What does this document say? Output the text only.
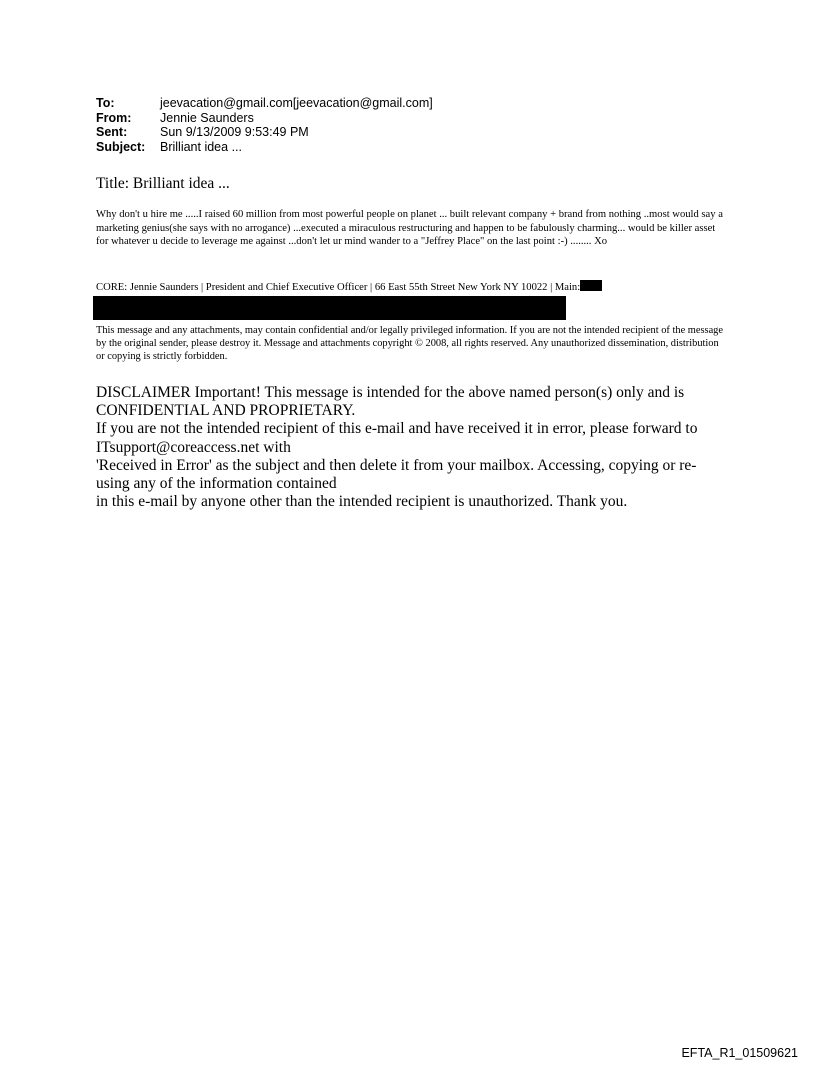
To:	jeevacation@gmail.com[jeevacation@gmail.com]
From:	Jennie Saunders
Sent:	Sun 9/13/2009 9:53:49 PM
Subject:	Brilliant idea ...
Title: Brilliant idea ...

Why don't u hire me .....I raised 60 million from most powerful people on planet ... built relevant company + brand from nothing ..most would say a marketing genius(she says with no arrogance) ...executed a miraculous restructuring and happen to be fabulously charming... would be killer asset for whatever u decide to leverage me against ...don't let ur mind wander to a "Jeffrey Place" on the last point :-) ........ Xo

CORE: Jennie Saunders | President and Chief Executive Officer | 66 East 55th Street New York NY 10022 | Main:

This message and any attachments, may contain confidential and/or legally privileged information. If you are not the intended recipient of the message by the original sender, please destroy it. Message and attachments copyright © 2008, all rights reserved. Any unauthorized dissemination, distribution or copying is strictly forbidden.

DISCLAIMER Important! This message is intended for the above named person(s) only and is CONFIDENTIAL AND PROPRIETARY.
If you are not the intended recipient of this e-mail and have received it in error, please forward to ITsupport@coreaccess.net with
'Received in Error' as the subject and then delete it from your mailbox. Accessing, copying or re-using any of the information contained
in this e-mail by anyone other than the intended recipient is unauthorized. Thank you.
EFTA_R1_01509621
